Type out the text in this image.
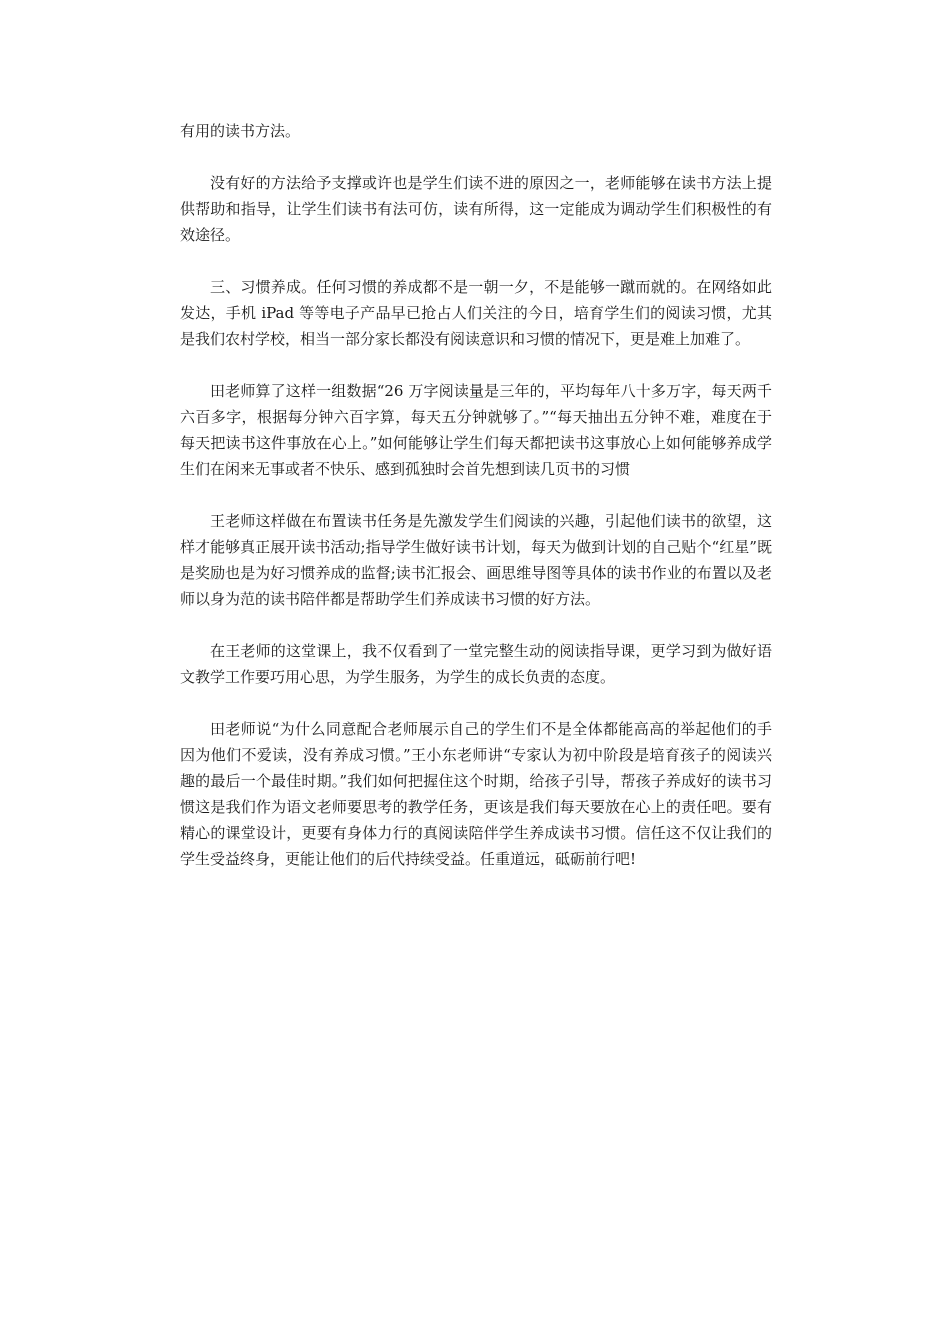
有用的读书方法。

没有好的方法给予支撑或许也是学生们读不进的原因之一，老师能够在读书方法上提供帮助和指导，让学生们读书有法可仿，读有所得，这一定能成为调动学生们积极性的有效途径。

三、习惯养成。任何习惯的养成都不是一朝一夕，不是能够一蹴而就的。在网络如此发达，手机 iPad 等等电子产品早已抢占人们关注的今日，培育学生们的阅读习惯，尤其是我们农村学校，相当一部分家长都没有阅读意识和习惯的情况下，更是难上加难了。

田老师算了这样一组数据“26 万字阅读量是三年的，平均每年八十多万字，每天两千六百多字，根据每分钟六百字算，每天五分钟就够了。”“每天抽出五分钟不难，难度在于每天把读书这件事放在心上。”如何能够让学生们每天都把读书这事放心上如何能够养成学生们在闲来无事或者不快乐、感到孤独时会首先想到读几页书的习惯

王老师这样做在布置读书任务是先激发学生们阅读的兴趣，引起他们读书的欲望，这样才能够真正展开读书活动;指导学生做好读书计划，每天为做到计划的自己贴个“红星”既是奖励也是为好习惯养成的监督;读书汇报会、画思维导图等具体的读书作业的布置以及老师以身为范的读书陪伴都是帮助学生们养成读书习惯的好方法。

在王老师的这堂课上，我不仅看到了一堂完整生动的阅读指导课，更学习到为做好语文教学工作要巧用心思，为学生服务，为学生的成长负责的态度。

田老师说“为什么同意配合老师展示自己的学生们不是全体都能高高的举起他们的手因为他们不爱读，没有养成习惯。”王小东老师讲“专家认为初中阶段是培育孩子的阅读兴趣的最后一个最佳时期。”我们如何把握住这个时期，给孩子引导，帮孩子养成好的读书习惯这是我们作为语文老师要思考的教学任务，更该是我们每天要放在心上的责任吧。要有精心的课堂设计，更要有身体力行的真阅读陪伴学生养成读书习惯。信任这不仅让我们的学生受益终身，更能让他们的后代持续受益。任重道远，砥砺前行吧!
